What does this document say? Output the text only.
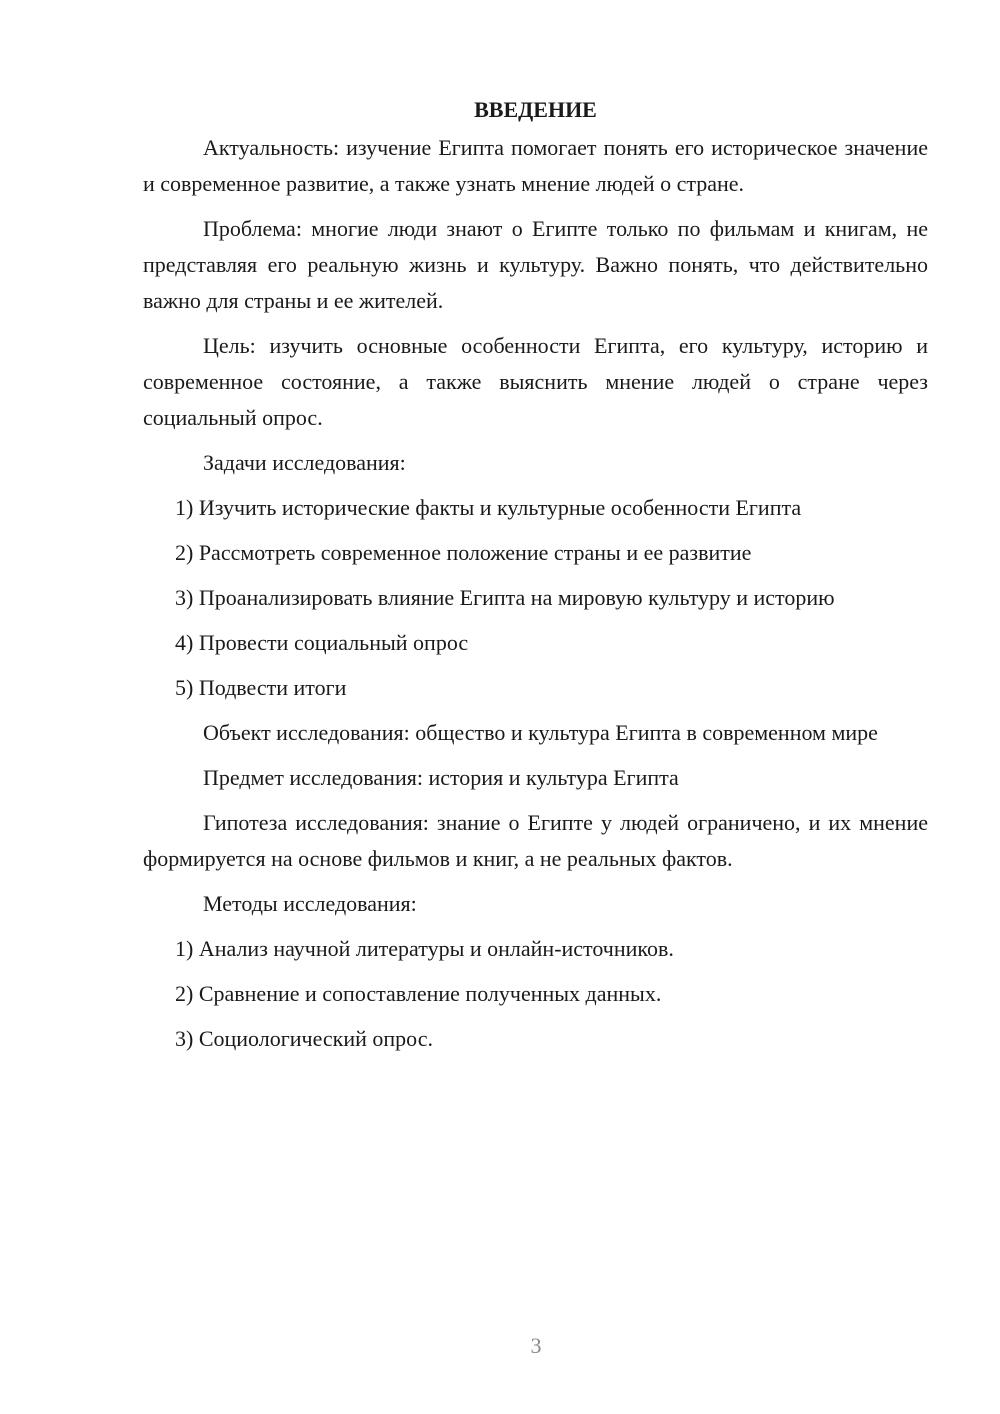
ВВЕДЕНИЕ

Актуальность: изучение Египта помогает понять его историческое значение и современное развитие, а также узнать мнение людей о стране.

Проблема: многие люди знают о Египте только по фильмам и книгам, не представляя его реальную жизнь и культуру. Важно понять, что действительно важно для страны и ее жителей.

Цель: изучить основные особенности Египта, его культуру, историю и современное состояние, а также выяснить мнение людей о стране через социальный опрос.

Задачи исследования:

1) Изучить исторические факты и культурные особенности Египта
2) Рассмотреть современное положение страны и ее развитие
3) Проанализировать влияние Египта на мировую культуру и историю
4) Провести социальный опрос
5) Подвести итоги

Объект исследования: общество и культура Египта в современном мире

Предмет исследования: история и культура Египта

Гипотеза исследования: знание о Египте у людей ограничено, и их мнение формируется на основе фильмов и книг, а не реальных фактов.

Методы исследования:

1) Анализ научной литературы и онлайн-источников.
2) Сравнение и сопоставление полученных данных.
3) Социологический опрос.
3
